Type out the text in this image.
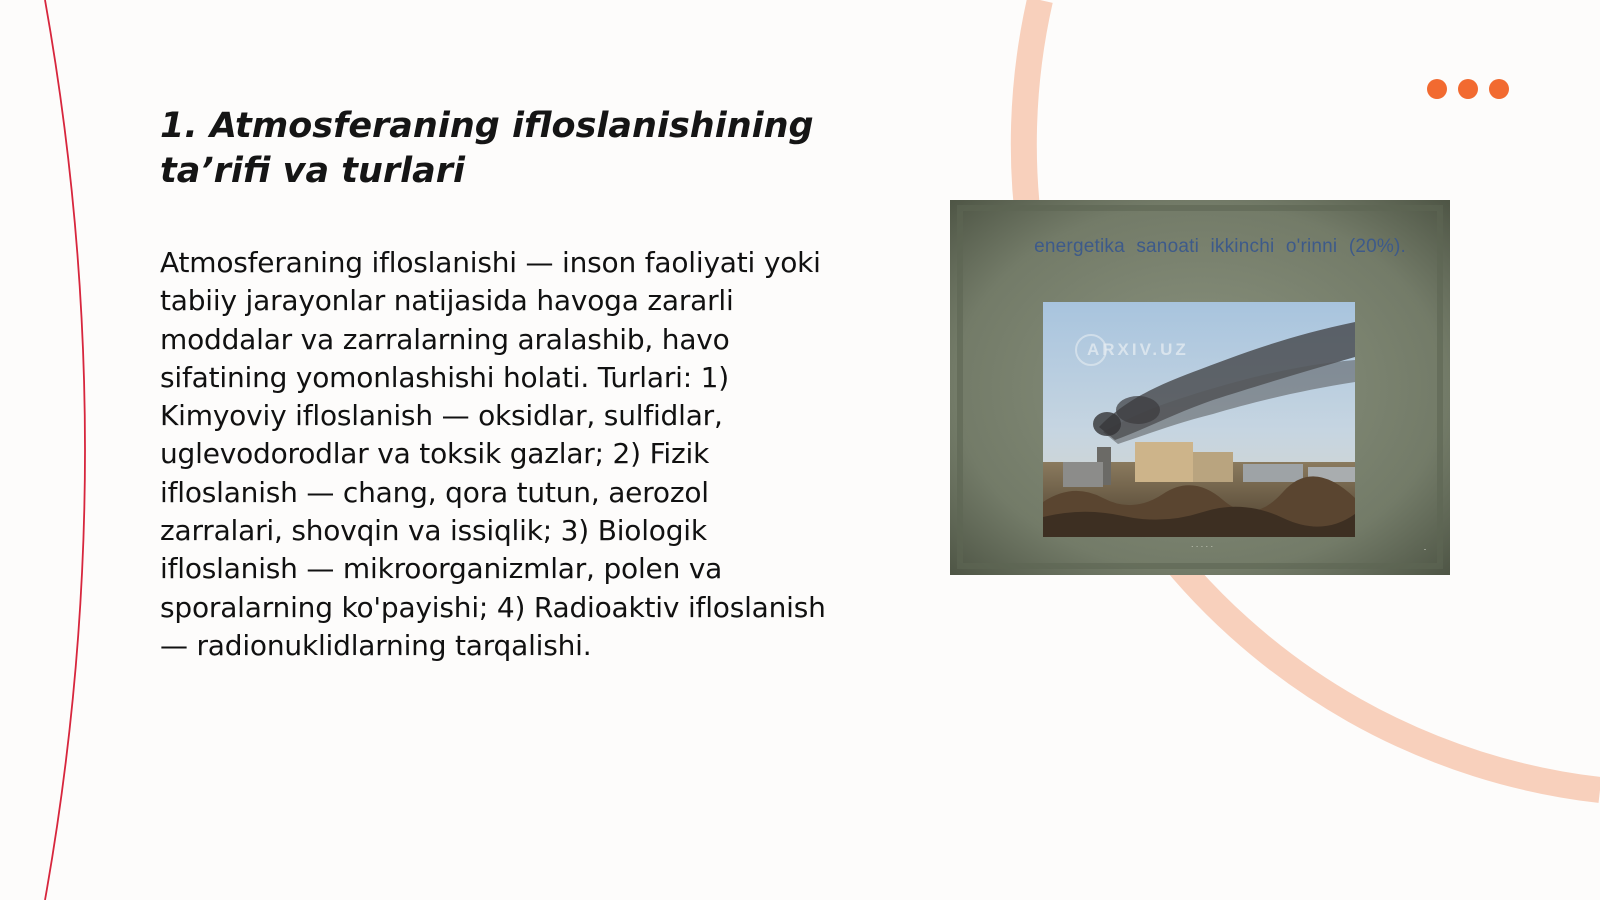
1. Atmosferaning ifloslanishining
ta’rifi va turlari

Atmosferaning ifloslanishi — inson faoliyati yoki tabiiy jarayonlar natijasida havoga zararli moddalar va zarralarning aralashib, havo sifatining yomonlashishi holati. Turlari: 1) Kimyoviy ifloslanish — oksidlar, sulfidlar, uglevodorodlar va toksik gazlar; 2) Fizik ifloslanish — chang, qora tutun, aerozol zarralari, shovqin va issiqlik; 3) Biologik ifloslanish — mikroorganizmlar, polen va sporalarning ko'payishi; 4) Radioaktiv ifloslanish — radionuklidlarning tarqalishi.

· · · · ·	·
energetika sanoati ikkinchi o'rinni (20%).
ARXIV.UZ
